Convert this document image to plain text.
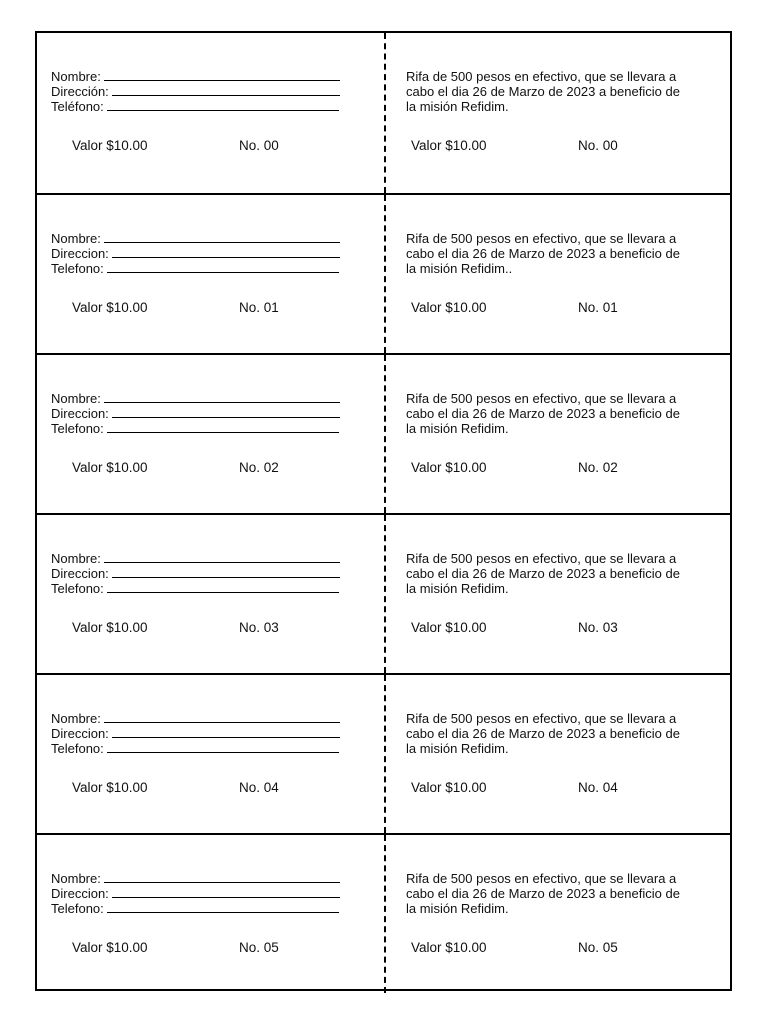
Nombre:
Dirección:
Teléfono:
Valor $10.00	No. 00
Rifa de 500 pesos en efectivo, que se llevara a
cabo el dia 26 de Marzo de 2023 a beneficio de
la misión Refidim.
Valor $10.00	No. 00
Nombre:
Direccion:
Telefono:
Valor $10.00	No. 01
Rifa de 500 pesos en efectivo, que se llevara a
cabo el dia 26 de Marzo de 2023 a beneficio de
la misión Refidim..
Valor $10.00	No. 01
Nombre:
Direccion:
Telefono:
Valor $10.00	No. 02
Rifa de 500 pesos en efectivo, que se llevara a
cabo el dia 26 de Marzo de 2023 a beneficio de
la misión Refidim.
Valor $10.00	No. 02
Nombre:
Direccion:
Telefono:
Valor $10.00	No. 03
Rifa de 500 pesos en efectivo, que se llevara a
cabo el dia 26 de Marzo de 2023 a beneficio de
la misión Refidim.
Valor $10.00	No. 03
Nombre:
Direccion:
Telefono:
Valor $10.00	No. 04
Rifa de 500 pesos en efectivo, que se llevara a
cabo el dia 26 de Marzo de 2023 a beneficio de
la misión Refidim.
Valor $10.00	No. 04
Nombre:
Direccion:
Telefono:
Valor $10.00	No. 05
Rifa de 500 pesos en efectivo, que se llevara a
cabo el dia 26 de Marzo de 2023 a beneficio de
la misión Refidim.
Valor $10.00	No. 05
